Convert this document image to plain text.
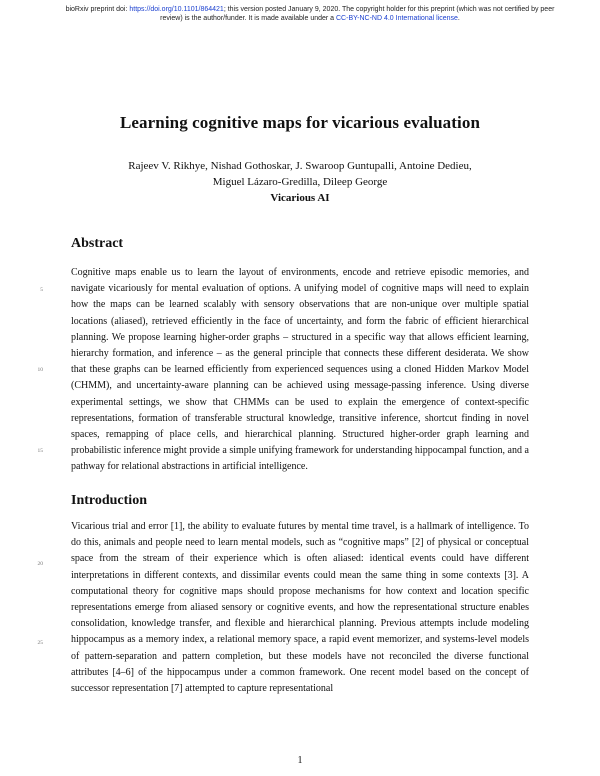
bioRxiv preprint doi: https://doi.org/10.1101/864421; this version posted January 9, 2020. The copyright holder for this preprint (which was not certified by peer review) is the author/funder. It is made available under a CC-BY-NC-ND 4.0 International license.
Learning cognitive maps for vicarious evaluation
Rajeev V. Rikhye, Nishad Gothoskar, J. Swaroop Guntupalli, Antoine Dedieu,
Miguel Lázaro-Gredilla, Dileep George
Vicarious AI
Abstract
Cognitive maps enable us to learn the layout of environments, encode and retrieve episodic memories, and navigate vicariously for mental evaluation of options. A unifying model of cognitive maps will need to explain how the maps can be learned scalably with sensory observations that are non-unique over multiple spatial locations (aliased), retrieved efficiently in the face of uncertainty, and form the fabric of efficient hierarchical planning. We propose learning higher-order graphs – structured in a specific way that allows efficient learning, hierarchy formation, and inference – as the general principle that connects these different desiderata. We show that these graphs can be learned efficiently from experienced sequences using a cloned Hidden Markov Model (CHMM), and uncertainty-aware planning can be achieved using message-passing inference. Using diverse experimental settings, we show that CHMMs can be used to explain the emergence of context-specific representations, formation of transferable structural knowledge, transitive inference, shortcut finding in novel spaces, remapping of place cells, and hierarchical planning. Structured higher-order graph learning and probabilistic inference might provide a simple unifying framework for understanding hippocampal function, and a pathway for relational abstractions in artificial intelligence.
Introduction
Vicarious trial and error [1], the ability to evaluate futures by mental time travel, is a hallmark of intelligence. To do this, animals and people need to learn mental models, such as “cognitive maps” [2] of physical or conceptual space from the stream of their experience which is often aliased: identical events could have different interpretations in different contexts, and dissimilar events could mean the same thing in some contexts [3]. A computational theory for cognitive maps should propose mechanisms for how context and location specific representations emerge from aliased sensory or cognitive events, and how the representational structure enables consolidation, knowledge transfer, and flexible and hierarchical planning. Previous attempts include modeling hippocampus as a memory index, a relational memory space, a rapid event memorizer, and systems-level models of pattern-separation and pattern completion, but these models have not reconciled the diverse functional attributes [4–6] of the hippocampus under a common framework. One recent model based on the concept of successor representation [7] attempted to capture representational
5
10
15
20
25
1
